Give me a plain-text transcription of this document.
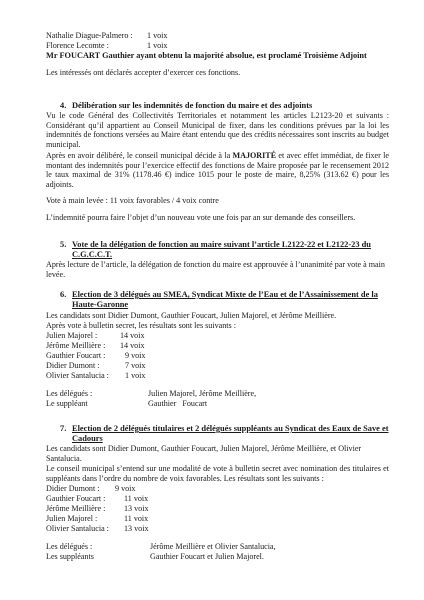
Nathalie Diague-Palmero : 1 voix
Florence Lecomte :	1 voix
Mr FOUCART Gauthier ayant obtenu la majorité absolue, est proclamé Troisième Adjoint
Les intéressés ont déclarés accepter d’exercer ces fonctions.
4. Délibération sur les indemnités de fonction du maire et des adjoints
Vu le code Général des Collectivités Territoriales et notamment les articles L2123-20 et suivants : Considérant qu’il appartient au Conseil Municipal de fixer, dans les conditions prévues par la loi les indemnités de fonctions versées au Maire étant entendu que des crédits nécessaires sont inscrits au budget municipal.
Après en avoir délibéré, le conseil municipal décide à la MAJORITÉ et avec effet immédiat, de fixer le montant des indemnités pour l’exercice effectif des fonctions de Maire proposée par le recensement 2012 le taux maximal de 31% (1178.46 €) indice 1015 pour le poste de maire, 8,25% (313.62 €) pour les adjoints.
Vote à main levée : 11 voix favorables / 4 voix contre
L’indemnité pourra faire l’objet d’un nouveau vote une fois par an sur demande des conseillers.
5. Vote de la délégation de fonction au maire suivant l’article L2122-22 et L2122-23 du C.G.C.C.T.
Après lecture de l’article, la délégation de fonction du maire est approuvée à l’unanimité par vote à main levée.
6. Election de 3 délégués au SMEA, Syndicat Mixte de l’Eau et de l’Assainissement de la Haute-Garonne
Les candidats sont Didier Dumont, Gauthier Foucart, Julien Majorel, et Jérôme Meillière.
Après vote à bulletin secret, les résultats sont les suivants :
Julien Majorel :	14 voix
Jérôme Meillière : 14 voix
Gauthier Foucart : 9 voix
Didier Dumont :	7 voix
Olivier Santalucia : 1 voix
Les délégués :	Julien Majorel, Jérôme Meillière,
Le suppléant	Gauthier   Foucart
7. Election de 2 délégués titulaires et 2 délégués suppléants au Syndicat des Eaux de Save et Cadours
Les candidats sont Didier Dumont, Gauthier Foucart, Julien Majorel, Jérôme Meillière, et Olivier Santalucia.
Le conseil municipal s’entend sur une modalité de vote à bulletin secret avec nomination des titulaires et suppléants dans l’ordre du nombre de voix favorables. Les résultats sont les suivants :
Didier Dumont : 9 voix
Gauthier Foucart : 11 voix
Jérôme Meillière : 13 voix
Julien Majorel :	11 voix
Olivier Santalucia : 13 voix
Les délégués :	Jérôme Meillière et Olivier Santalucia,
Les suppléants	Gauthier Foucart et Julien Majorel.
